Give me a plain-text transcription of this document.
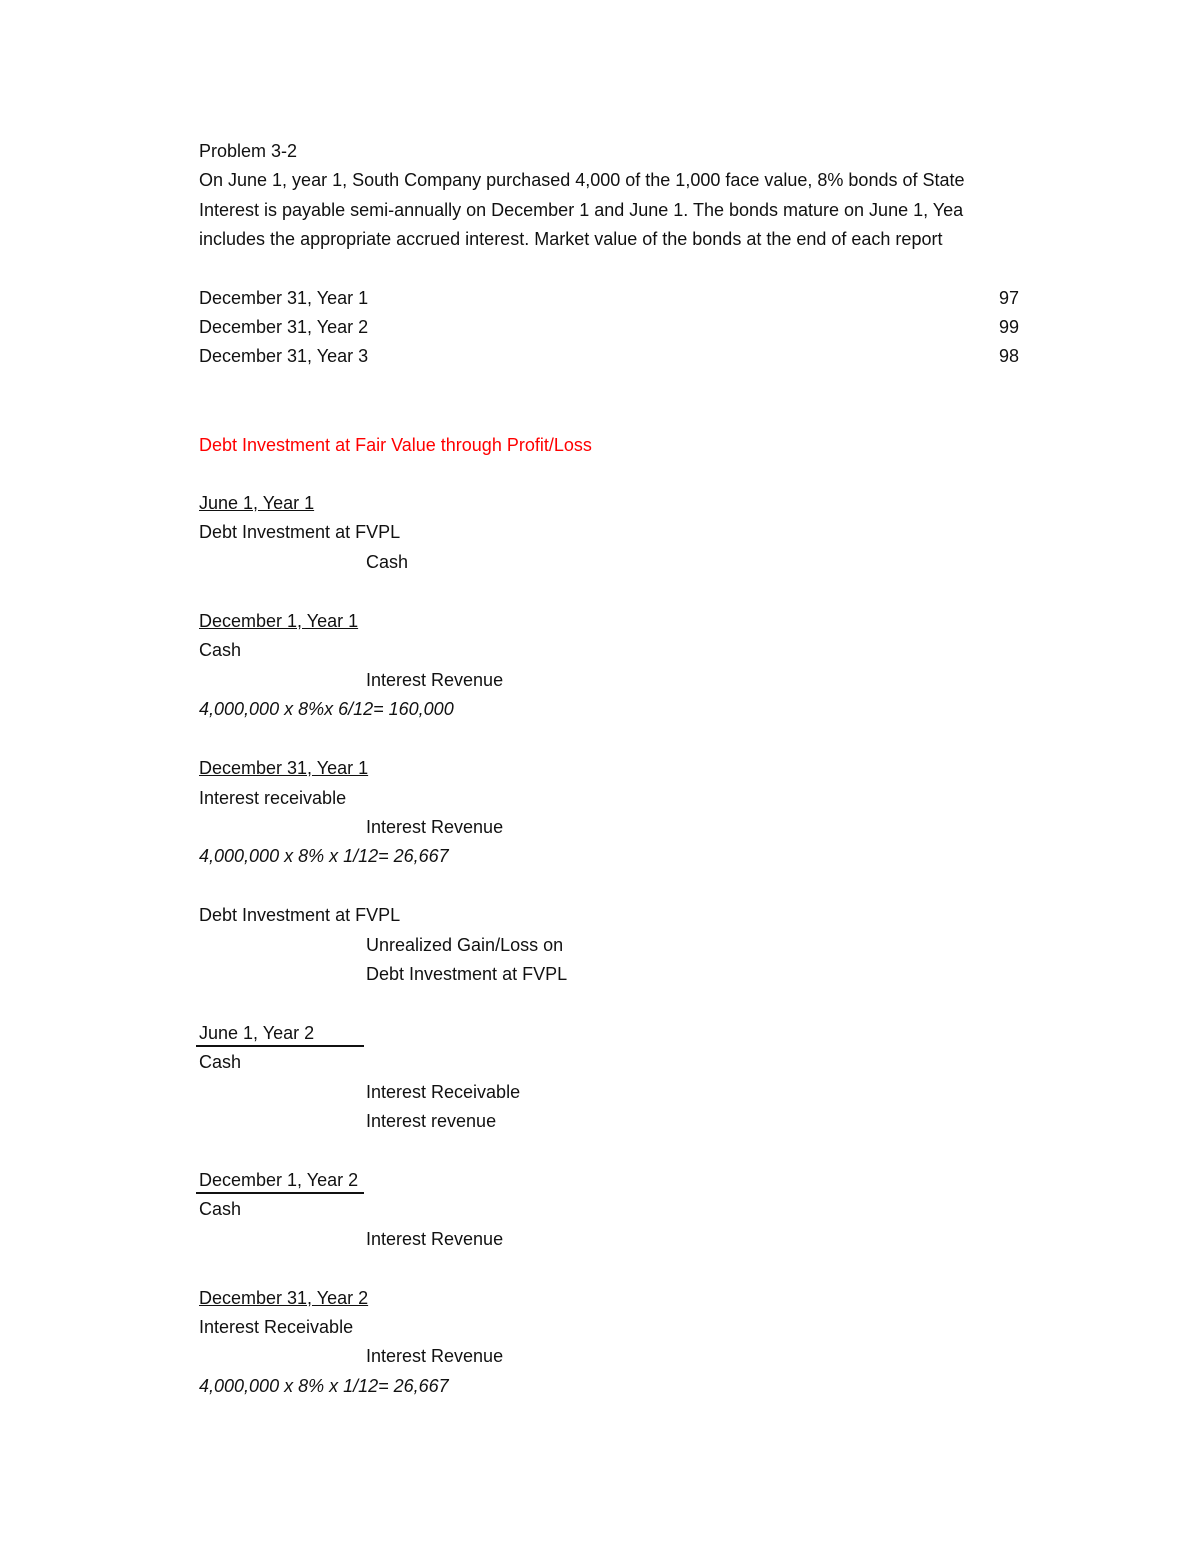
Problem 3-2
On June 1, year 1, South Company purchased 4,000 of the 1,000 face value, 8% bonds of State
Interest is payable semi-annually on December 1 and June 1. The bonds mature on June 1, Yea
includes the appropriate accrued interest. Market value of the bonds at the end of each report
December 31, Year 1	97
December 31, Year 2	99
December 31, Year 3	98
Debt Investment at Fair Value through Profit/Loss
June 1, Year 1
Debt Investment at FVPL
Cash
December 1, Year 1
Cash
Interest Revenue
4,000,000 x 8%x 6/12= 160,000
December 31, Year 1
Interest receivable
Interest Revenue
4,000,000 x 8% x 1/12= 26,667
Debt Investment at FVPL
Unrealized Gain/Loss on
Debt Investment at FVPL
June 1, Year 2
Cash
Interest Receivable
Interest revenue
December 1, Year 2
Cash
Interest Revenue
December 31, Year 2
Interest Receivable
Interest Revenue
4,000,000 x 8% x 1/12= 26,667
